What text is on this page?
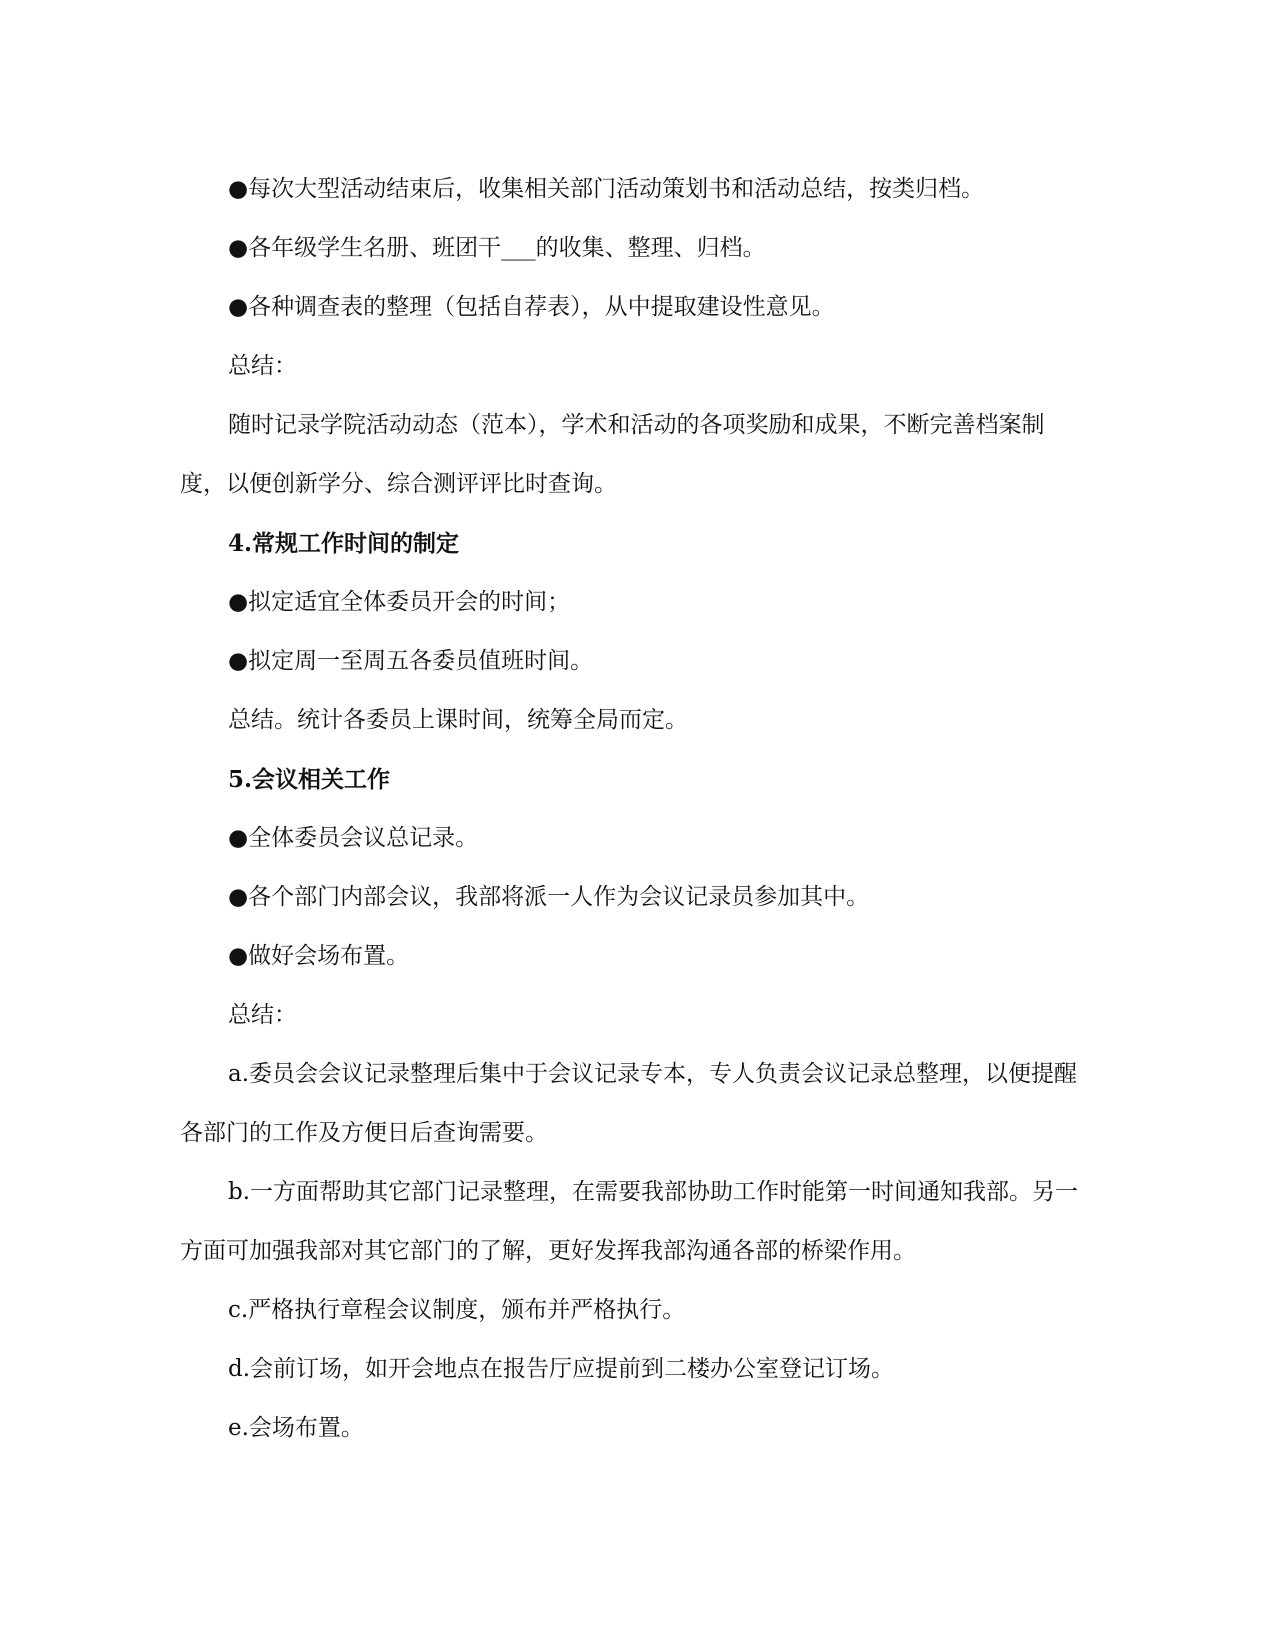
●每次大型活动结束后，收集相关部门活动策划书和活动总结，按类归档。

●各年级学生名册、班团干___的收集、整理、归档。

●各种调查表的整理（包括自荐表），从中提取建设性意见。

总结：

随时记录学院活动动态（范本），学术和活动的各项奖励和成果，不断完善档案制度，以便创新学分、综合测评评比时查询。

4.常规工作时间的制定

●拟定适宜全体委员开会的时间；

●拟定周一至周五各委员值班时间。

总结。统计各委员上课时间，统筹全局而定。

5.会议相关工作

●全体委员会议总记录。

●各个部门内部会议，我部将派一人作为会议记录员参加其中。

●做好会场布置。

总结：

a.委员会会议记录整理后集中于会议记录专本，专人负责会议记录总整理，以便提醒各部门的工作及方便日后查询需要。

b.一方面帮助其它部门记录整理，在需要我部协助工作时能第一时间通知我部。另一方面可加强我部对其它部门的了解，更好发挥我部沟通各部的桥梁作用。

c.严格执行章程会议制度，颁布并严格执行。

d.会前订场，如开会地点在报告厅应提前到二楼办公室登记订场。

e.会场布置。
